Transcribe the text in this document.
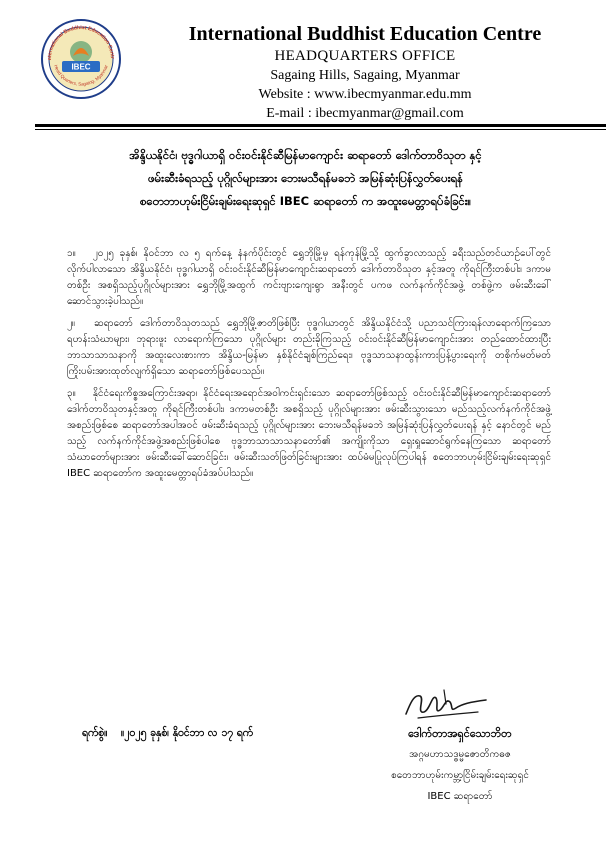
nternational Buddhist Education Centr
Head Quarters, Sagaing, Myanmar
IBEC
International Buddhist Education Centre
HEADQUARTERS OFFICE
Sagaing Hills, Sagaing, Myanmar
Website : www.ibecmyanmar.edu.mm
E-mail : ibecmyanmar@gmail.com
အိန္ဒိယနိုင်ငံ၊ ဗုဒ္ဓဂါယာရှိ ဝင်းဝင်းနိုင်ဆီမြန်မာကျောင်း ဆရာတော် ဒေါက်တာဝိသုတ နှင့်
ဖမ်းဆီးခံရသည့် ပုဂ္ဂိုလ်များအား ဘေးမသီရန်မခဘဲ အမြန်ဆုံးပြန်လွှတ်ပေးရန်
စတေဘာဟုမ်းငြိမ်းချမ်းရေးဆုရှင် IBEC ဆရာတော် က အထူးမေတ္တာရပ်ခံခြင်း။

၁။ ၂၀၂၅ ခုနှစ်၊ နိုဝင်ဘာ လ ၅ ရက်နေ့ နံနက်ပိုင်းတွင် ရွှေဘိုမြို့မှ ရန်ကုန်မြို့သို့ ထွက်ခွာလာသည့် ခရီးသည်တင်ယာဉ်ပေါ်တွင် လိုက်ပါလာသော အိန္ဒိယနိုင်ငံ၊ ဗုဒ္ဓဂါယာရှိ ဝင်းဝင်းနိုင်ဆီမြန်မာကျောင်းဆရာတော် ဒေါက်တာဝိသုတ နှင့်အတူ ကိုရင်ကြီးတစ်ပါး၊ ဒကာမတစ်ဦး အစရှိသည့်ပုဂ္ဂိုလ်များအား ရွှေဘိုမြို့အထွက် ကင်းဗျားကျေးရွာ အနီးတွင် ပကဖ လက်နက်ကိုင်အဖွဲ့ တစ်ဖွဲ့က ဖမ်းဆီးခေါ်ဆောင်သွားခဲ့ပါသည်။

၂။ ဆရာတော် ဒေါက်တာဝိသုတသည် ရွှေဘိုမြို့ဇာတိဖြစ်ပြီး ဗုဒ္ဓဂါယာတွင် အိန္ဒိယနိုင်ငံသို့ ပညာသင်ကြားရန်လာရောက်ကြသော ရဟန်းသံဃာများ၊ ဘုရားဖူး လာရောက်ကြသော ပုဂ္ဂိုလ်များ တည်းခိုကြသည့် ဝင်းဝင်းနိုင်ဆီမြန်မာကျောင်းအား တည်ထောင်ထားပြီး ဘာသာသာသနာကို အထူးလေးစားကာ အိန္ဒိယ-မြန်မာ နှစ်နိုင်ငံချစ်ကြည်ရေး၊ ဗုဒ္ဓသာသနာထွန်းကားပြန့်ပွားရေးကို တစိုက်မတ်မတ်ကြိုးပမ်းအားထုတ်လျက်ရှိသော ဆရာတော်ဖြစ်ပေသည်။

၃။ နိုင်ငံရေးကိစ္စအကြောင်းအရာ၊ နိုင်ငံရေးအရောင်အဝါကင်းရှင်းသော ဆရာတော်ဖြစ်သည့် ဝင်းဝင်းနိုင်ဆီမြန်မာကျောင်းဆရာတော် ဒေါက်တာဝိသုတနှင့်အတူ ကိုရင်ကြီးတစ်ပါး၊ ဒကာမတစ်ဦး အစရှိသည့် ပုဂ္ဂိုလ်များအား ဖမ်းဆီးသွားသော မည်သည့်လက်နက်ကိုင်အဖွဲ့အစည်းဖြစ်စေ ဆရာတော်အပါအဝင် ဖမ်းဆီးခံရသည့် ပုဂ္ဂိုလ်များအား ဘေးမသီရန်မခဘဲ အမြန်ဆုံးပြန်လွှတ်ပေးရန် နှင့် နောင်တွင် မည်သည့် လက်နက်ကိုင်အဖွဲ့အစည်းဖြစ်ပါစေ ဗုဒ္ဓဘာသာသာသနာတော်၏ အကျိုးကိုသာ ရှေးရှုဆောင်ရွက်နေကြသော ဆရာတော်သံဃာတော်များအား ဖမ်းဆီးခေါ်ဆောင်ခြင်း၊ ဖမ်းဆီးသတ်ဖြတ်ခြင်းများအား ထပ်မံမပြုလုပ်ကြပါရန် စတေဘာဟုမ်းငြိမ်းချမ်းရေးဆုရှင် IBEC ဆရာတော်က အထူးမေတ္တာရပ်ခံအပ်ပါသည်။

ရက်စွဲ။ ။၂၀၂၅ ခုနှစ်၊ နိုဝင်ဘာ လ ၁၇ ရက်	ဒေါက်တာအရှင်သောဘိတ
အဂ္ဂမဟာသဒ္ဓမ္မဇောတိကဓဇ
စတေဘာဟုမ်းကမ္ဘာ့ငြိမ်းချမ်းရေးဆုရှင်
IBEC ဆရာတော်
